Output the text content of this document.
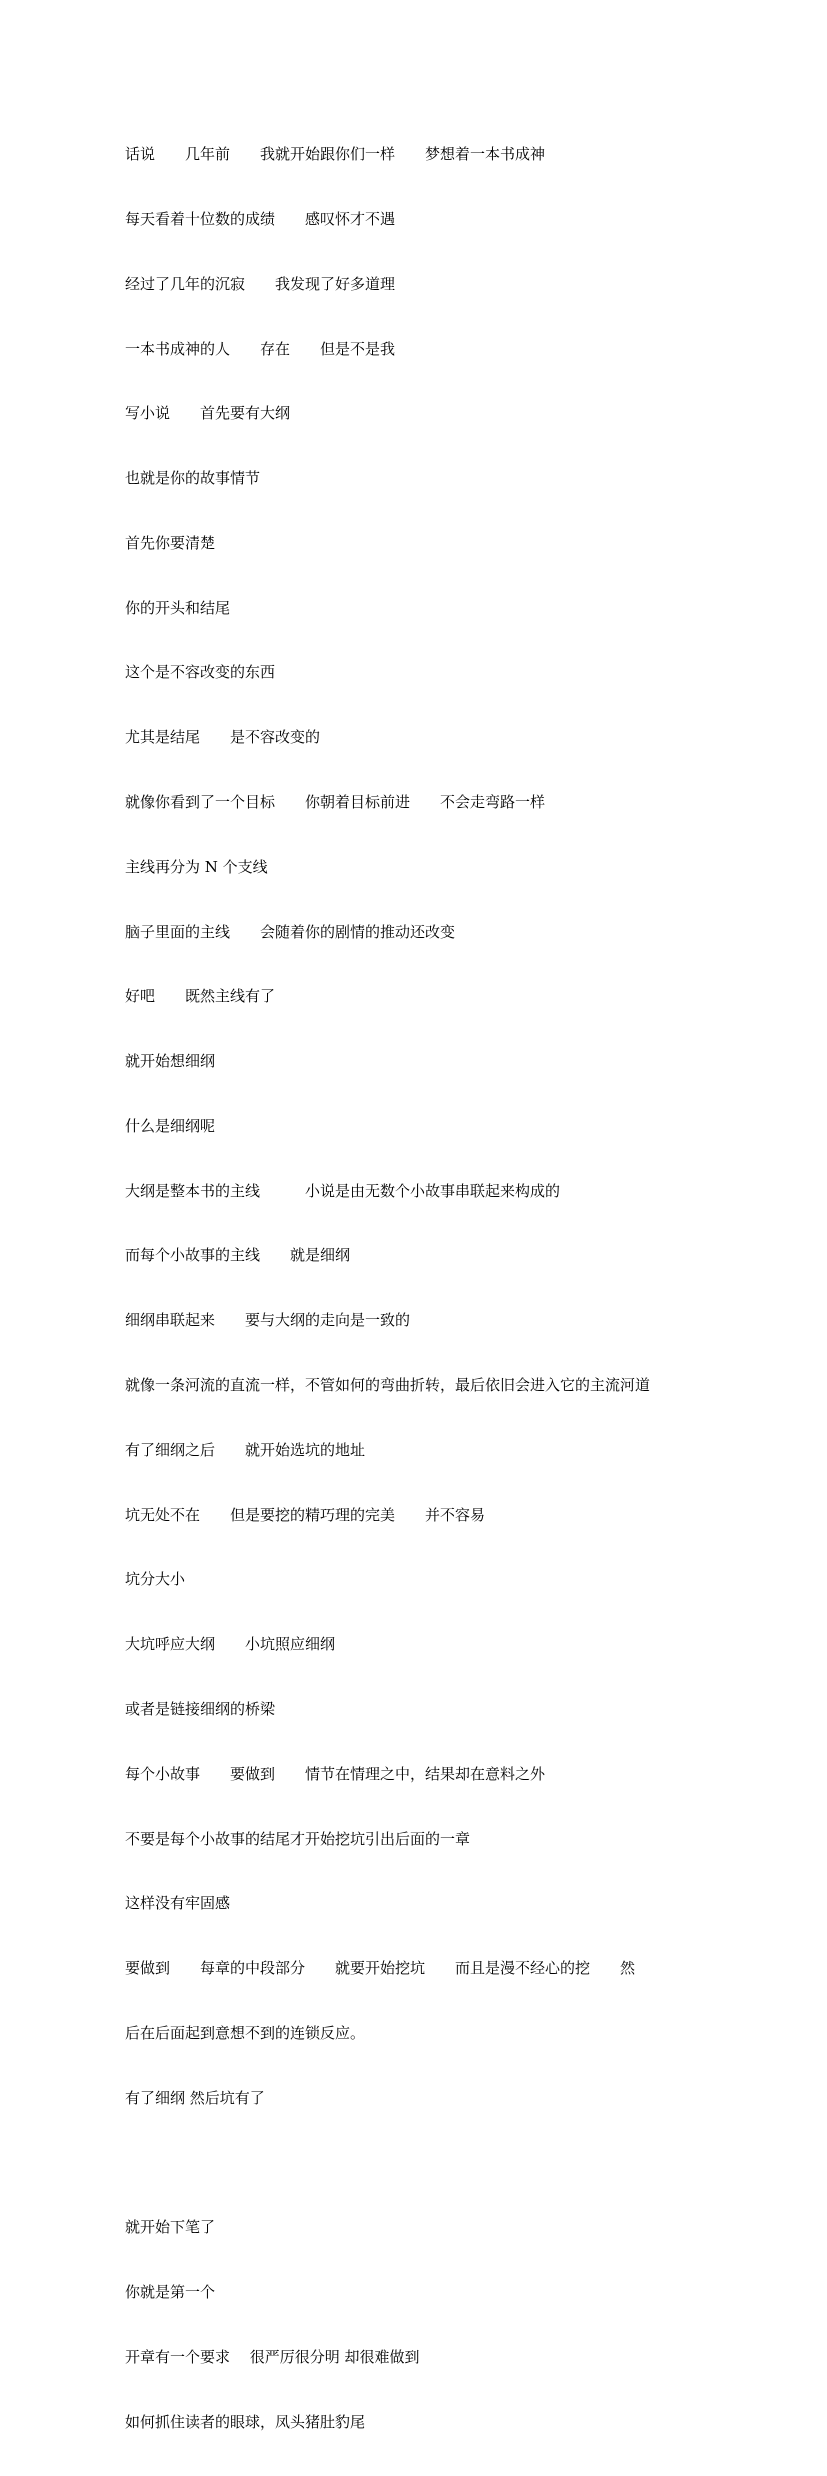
话说　　几年前　　我就开始跟你们一样　　梦想着一本书成神

每天看着十位数的成绩　　感叹怀才不遇

经过了几年的沉寂　　我发现了好多道理

一本书成神的人　　存在　　但是不是我

写小说　　首先要有大纲

也就是你的故事情节

首先你要清楚

你的开头和结尾

这个是不容改变的东西

尤其是结尾　　是不容改变的

就像你看到了一个目标　　你朝着目标前进　　不会走弯路一样

主线再分为 N 个支线

脑子里面的主线　　会随着你的剧情的推动还改变

好吧　　既然主线有了

就开始想细纲

什么是细纲呢

大纲是整本书的主线　　　小说是由无数个小故事串联起来构成的

而每个小故事的主线　　就是细纲

细纲串联起来　　要与大纲的走向是一致的

就像一条河流的直流一样，不管如何的弯曲折转，最后依旧会进入它的主流河道

有了细纲之后　　就开始选坑的地址

坑无处不在　　但是要挖的精巧理的完美　　并不容易

坑分大小

大坑呼应大纲　　小坑照应细纲

或者是链接细纲的桥梁

每个小故事　　要做到　　情节在情理之中，结果却在意料之外

不要是每个小故事的结尾才开始挖坑引出后面的一章

这样没有牢固感

要做到　　每章的中段部分　　就要开始挖坑　　而且是漫不经心的挖　　然

后在后面起到意想不到的连锁反应。

有了细纲 然后坑有了

就开始下笔了

你就是第一个

开章有一个要求　 很严厉很分明 却很难做到

如何抓住读者的眼球，凤头猪肚豹尾
